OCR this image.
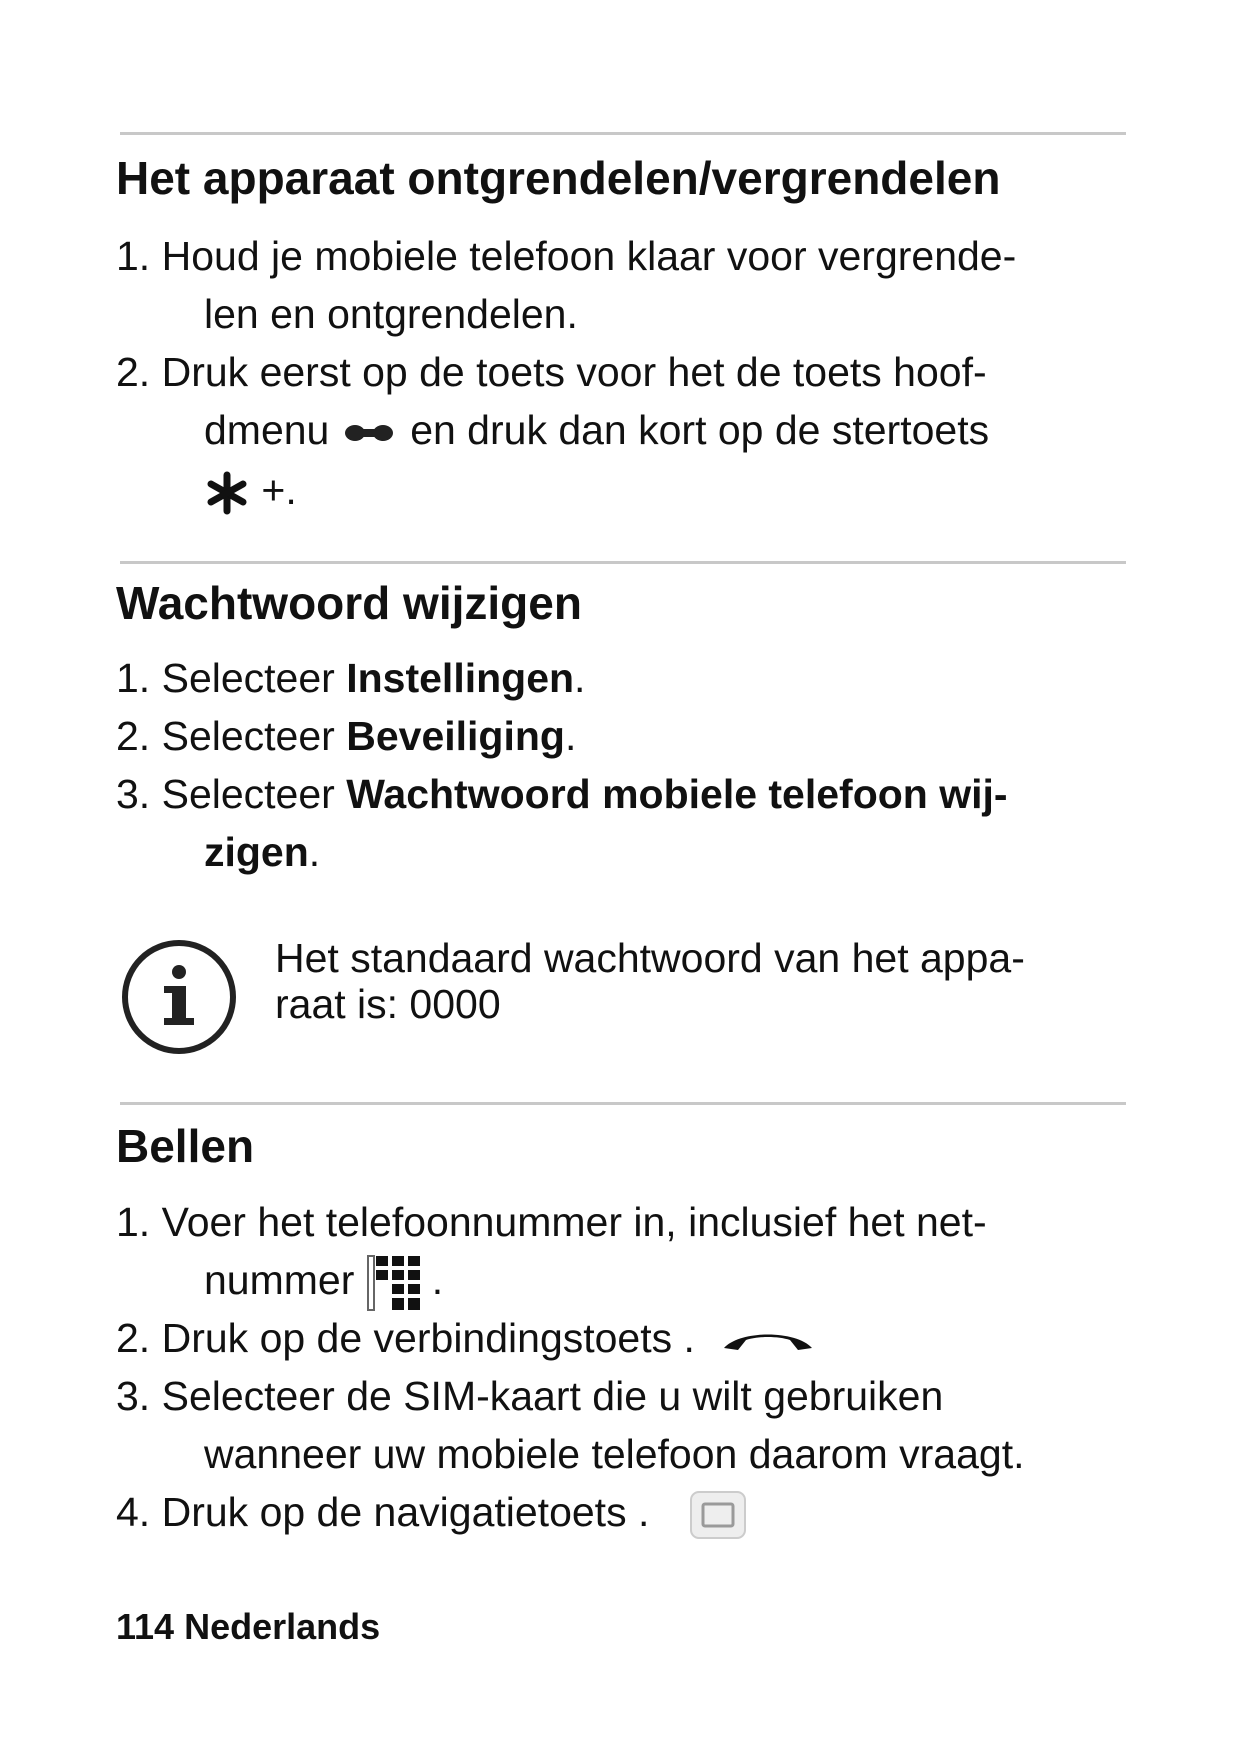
Het apparaat ontgrendelen/vergrendelen
1. Houd je mobiele telefoon klaar voor vergrende-
len en ontgrendelen.
2. Druk eerst op de toets voor het de toets hoof-
dmenu en druk dan kort op de stertoets
+.
Wachtwoord wijzigen
1. Selecteer Instellingen.
2. Selecteer Beveiliging.
3. Selecteer Wachtwoord mobiele telefoon wij-
zigen.
Het standaard wachtwoord van het appa-
raat is: 0000
Bellen
1. Voer het telefoonnummer in, inclusief het net-
nummer .
2. Druk op de verbindingstoets .
3. Selecteer de SIM-kaart die u wilt gebruiken
wanneer uw mobiele telefoon daarom vraagt.
4. Druk op de navigatietoets .
114 Nederlands
